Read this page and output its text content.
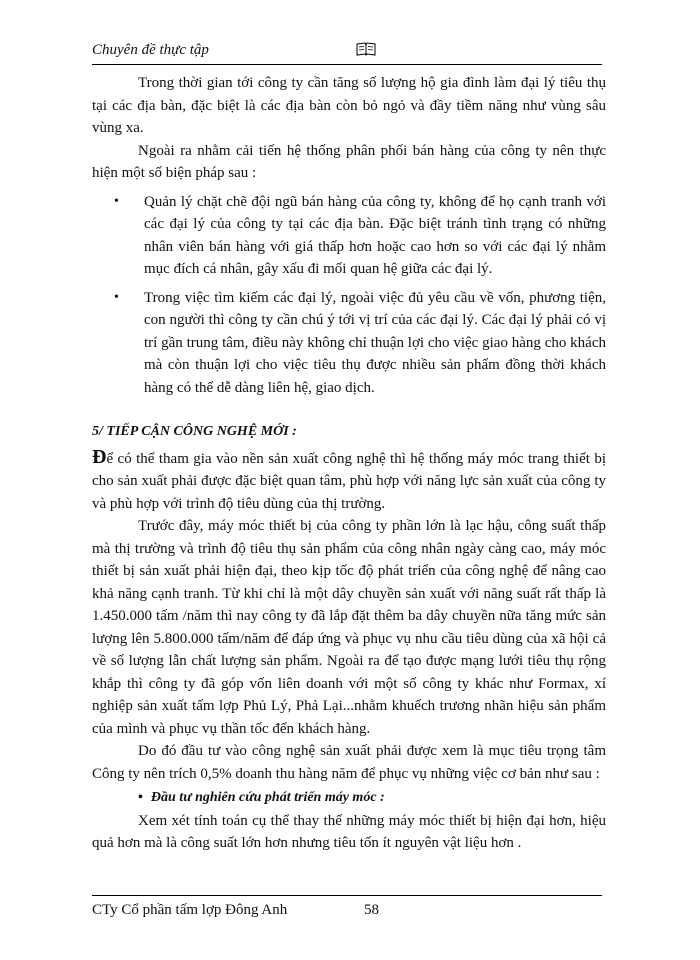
Chuyên đề thực tập

Trong thời gian tới công ty cần tăng số lượng hộ gia đình làm đại lý tiêu thụ tại các địa bàn, đặc biệt là các địa bàn còn bỏ ngỏ và đầy tiềm năng như vùng sâu vùng xa.

Ngoài ra nhằm cải tiến hệ thống phân phối bán hàng của công ty nên thực hiện một số biện pháp sau :

• Quản lý chặt chẽ đội ngũ bán hàng của công ty, không để họ cạnh tranh với các đại lý của công ty tại các địa bàn. Đặc biệt tránh tình trạng có những nhân viên bán hàng với giá thấp hơn hoặc cao hơn so với các đại lý nhằm mục đích cá nhân, gây xấu đi mối quan hệ giữa các đại lý.
• Trong việc tìm kiếm các đại lý, ngoài việc đủ yêu cầu về vốn, phương tiện, con người thì công ty cần chú ý tới vị trí của các đại lý. Các đại lý phải có vị trí gần trung tâm, điều này không chỉ thuận lợi cho việc giao hàng cho khách mà còn thuận lợi cho việc tiêu thụ được nhiều sản phẩm đồng thời khách hàng có thể dễ dàng liên hệ, giao dịch.
5/ TIẾP CẬN CÔNG NGHỆ MỚI :

Để có thể tham gia vào nền sản xuất công nghệ thì hệ thống máy móc trang thiết bị cho sản xuất phải được đặc biệt quan tâm, phù hợp với năng lực sản xuất của công ty và phù hợp với trình độ tiêu dùng của thị trường.

Trước đây, máy móc thiết bị của công ty phần lớn là lạc hậu, công suất thấp mà thị trường và trình độ tiêu thụ sản phẩm của công nhân ngày càng cao, máy móc thiết bị sản xuất phải hiện đại, theo kịp tốc độ phát triển của công nghệ để nâng cao khả năng cạnh tranh. Từ khi chỉ là một dây chuyền sản xuất với năng suất rất thấp là 1.450.000 tấm /năm thì nay công ty đã lắp đặt thêm ba dây chuyền nữa tăng mức sản lượng lên 5.800.000 tấm/năm để đáp ứng và phục vụ nhu cầu tiêu dùng của xã hội cả về số lượng lẫn chất lượng sản phẩm. Ngoài ra để tạo được mạng lưới tiêu thụ rộng khắp thì công ty đã góp vốn liên doanh với một số công ty khác như Formax, xí nghiệp sản xuất tấm lợp Phủ Lý, Phả Lại...nhằm khuếch trương nhãn hiệu sản phẩm của mình và phục vụ thần tốc đến khách hàng.

Do đó đầu tư vào công nghệ sản xuất phải được xem là mục tiêu trọng tâm Công ty nên trích 0,5% doanh thu hàng năm để phục vụ những việc cơ bản như sau :

• Đầu tư nghiên cứu phát triển máy móc :

Xem xét tính toán cụ thể thay thế những máy móc thiết bị hiện đại hơn, hiệu quả hơn mà là công suất lớn hơn nhưng tiêu tốn ít nguyên vật liệu hơn .

CTy Cổ phần tấm lợp Đông Anh	58
